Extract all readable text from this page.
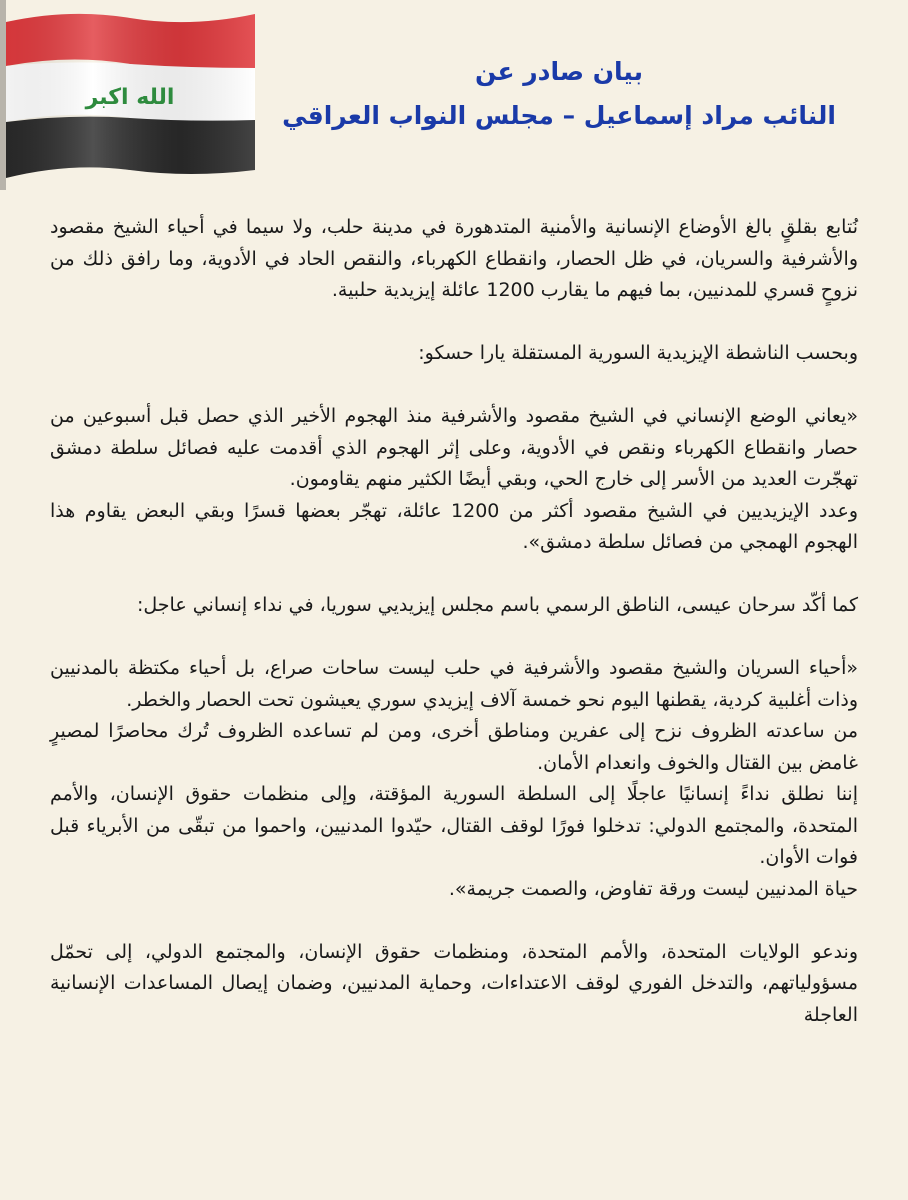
الله اكبر
بيان صادر عن
النائب مراد إسماعيل – مجلس النواب العراقي

نُتابع بقلقٍ بالغ الأوضاع الإنسانية والأمنية المتدهورة في مدينة حلب، ولا سيما في أحياء الشيخ مقصود والأشرفية والسريان، في ظل الحصار، وانقطاع الكهرباء، والنقص الحاد في الأدوية، وما رافق ذلك من نزوحٍ قسري للمدنيين، بما فيهم ما يقارب 1200 عائلة إيزيدية حلبية.

وبحسب الناشطة الإيزيدية السورية المستقلة يارا حسكو:

«يعاني الوضع الإنساني في الشيخ مقصود والأشرفية منذ الهجوم الأخير الذي حصل قبل أسبوعين من حصار وانقطاع الكهرباء ونقص في الأدوية، وعلى إثر الهجوم الذي أقدمت عليه فصائل سلطة دمشق تهجّرت العديد من الأسر إلى خارج الحي، وبقي أيضًا الكثير منهم يقاومون.

وعدد الإيزيديين في الشيخ مقصود أكثر من 1200 عائلة، تهجّر بعضها قسرًا وبقي البعض يقاوم هذا الهجوم الهمجي من فصائل سلطة دمشق».

كما أكّد سرحان عيسى، الناطق الرسمي باسم مجلس إيزيديي سوريا، في نداء إنساني عاجل:

«أحياء السريان والشيخ مقصود والأشرفية في حلب ليست ساحات صراع، بل أحياء مكتظة بالمدنيين وذات أغلبية كردية، يقطنها اليوم نحو خمسة آلاف إيزيدي سوري يعيشون تحت الحصار والخطر.

من ساعدته الظروف نزح إلى عفرين ومناطق أخرى، ومن لم تساعده الظروف تُرك محاصرًا لمصيرٍ غامض بين القتال والخوف وانعدام الأمان.

إننا نطلق نداءً إنسانيًا عاجلًا إلى السلطة السورية المؤقتة، وإلى منظمات حقوق الإنسان، والأمم المتحدة، والمجتمع الدولي: تدخلوا فورًا لوقف القتال، حيّدوا المدنيين، واحموا من تبقّى من الأبرياء قبل فوات الأوان.

حياة المدنيين ليست ورقة تفاوض، والصمت جريمة».

وندعو الولايات المتحدة، والأمم المتحدة، ومنظمات حقوق الإنسان، والمجتمع الدولي، إلى تحمّل مسؤولياتهم، والتدخل الفوري لوقف الاعتداءات، وحماية المدنيين، وضمان إيصال المساعدات الإنسانية العاجلة
